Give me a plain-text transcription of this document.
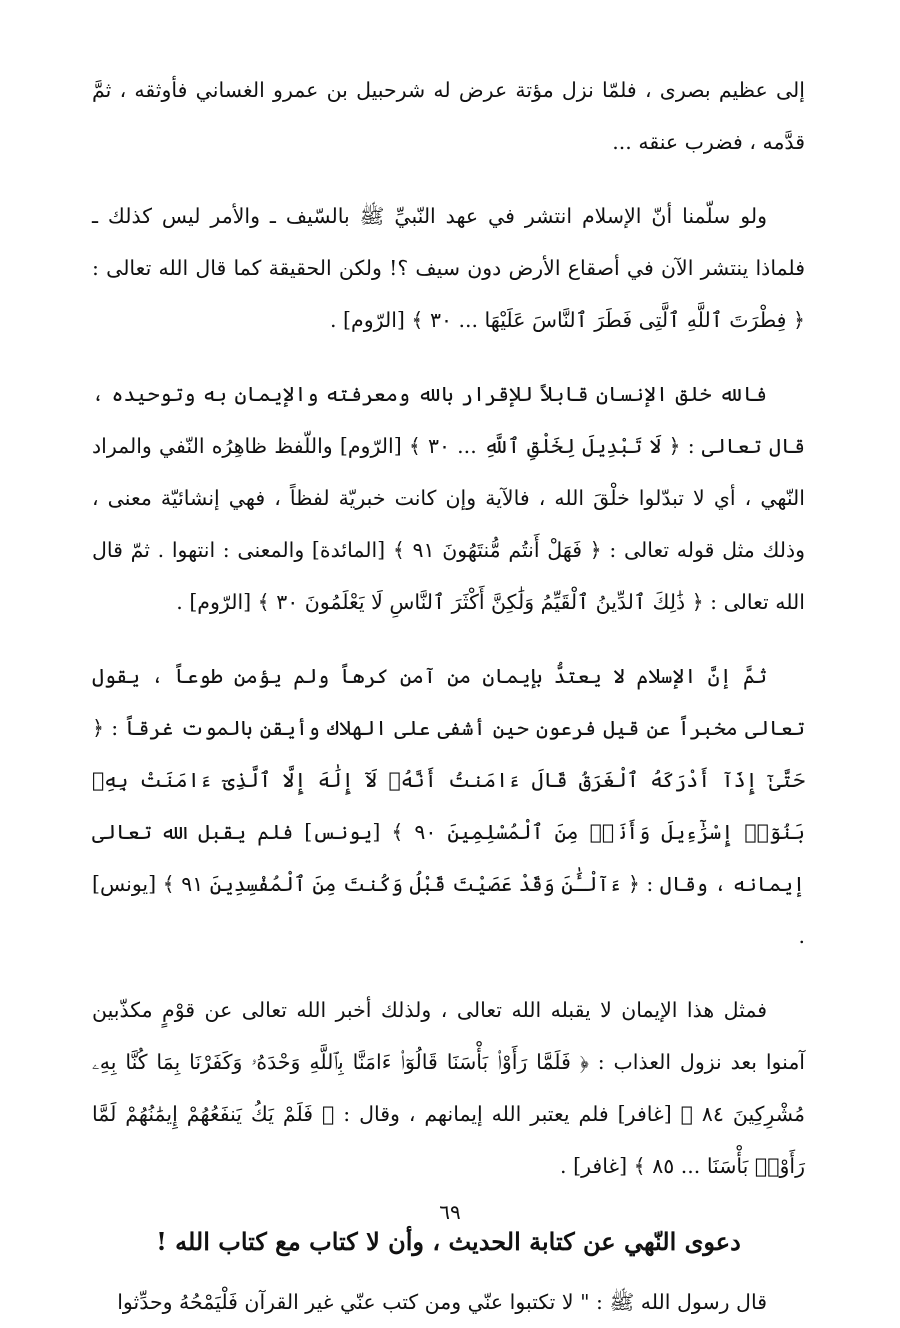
إلى عظيم بصرى ، فلمّا نزل مؤتة عرض له شرحبيل بن عمرو الغساني فأوثقه ، ثمَّ قدَّمه ، فضرب عنقه ...

ولو سلّمنا أنّ الإسلام انتشر في عهد النّبيِّ ﷺ بالسّيف ـ والأمر ليس كذلك ـ فلماذا ينتشر الآن في أصقاع الأرض دون سيف ؟! ولكن الحقيقة كما قال الله تعالى : ﴿ فِطْرَتَ ٱللَّهِ ٱلَّتِى فَطَرَ ٱلنَّاسَ عَلَيْهَا ... ٣٠ ﴾ [الرّوم] .

فالله خلق الإنسان قابلاً للإقرار بالله ومعرفته والإيمان به وتوحيده ، قال تعالى : ﴿ لَا تَبْدِيلَ لِخَلْقِ ٱللَّهِ ... ٣٠ ﴾ [الرّوم] واللّفظ ظاهِرُه النّفي والمراد النّهي ، أي لا تبدّلوا خلْقَ الله ، فالآية وإن كانت خبريّة لفظاً ، فهي إنشائيّة معنى ، وذلك مثل قوله تعالى : ﴿ فَهَلْ أَنتُم مُّنتَهُونَ ٩١ ﴾ [المائدة] والمعنى : انتهوا . ثمّ قال الله تعالى : ﴿ ذَٰلِكَ ٱلدِّينُ ٱلْقَيِّمُ وَلَٰكِنَّ أَكْثَرَ ٱلنَّاسِ لَا يَعْلَمُونَ ٣٠ ﴾ [الرّوم] .

ثمَّ إنَّ الإسلام لا يعتدُّ بإيمان من آمن كرهاً ولم يؤمن طوعاً ، يقول تعالى مخبراً عن قيل فرعون حين أشفى على الهلاك وأيقن بالموت غرقاً : ﴿ حَتَّىٰٓ إِذَآ أَدْرَكَهُ ٱلْغَرَقُ قَالَ ءَامَنتُ أَنَّهُۥ لَآ إِلَٰهَ إِلَّا ٱلَّذِىٓ ءَامَنَتْ بِهِۦ بَنُوٓا۟ إِسْرَٰٓءِيلَ وَأَنَا۠ مِنَ ٱلْمُسْلِمِينَ ٩٠ ﴾ [يونس] فلم يقبل الله تعالى إيمانه ، وقال : ﴿ ءَآلْـَٰٔنَ وَقَدْ عَصَيْتَ قَبْلُ وَكُنتَ مِنَ ٱلْمُفْسِدِينَ ٩١ ﴾ [يونس] .

فمثل هذا الإيمان لا يقبله الله تعالى ، ولذلك أخبر الله تعالى عن قوْمٍ مكذّبين آمنوا بعد نزول العذاب : ﴿ فَلَمَّا رَأَوْا۟ بَأْسَنَا قَالُوٓا۟ ءَامَنَّا بِٱللَّهِ وَحْدَهُۥ وَكَفَرْنَا بِمَا كُنَّا بِهِۦ مُشْرِكِينَ ٨٤ ﴾ [غافر] فلم يعتبر الله إيمانهم ، وقال : ﴿ فَلَمْ يَكُ يَنفَعُهُمْ إِيمَٰنُهُمْ لَمَّا رَأَوْا۟ بَأْسَنَا ... ٨٥ ﴾ [غافر] .

دعوى النّهي عن كتابة الحديث ، وأن لا كتاب مع كتاب الله !

قال رسول الله ﷺ : " لا تكتبوا عنّي ومن كتب عنّي غير القرآن فَلْيَمْحُهُ وحدِّثوا

٦٩
